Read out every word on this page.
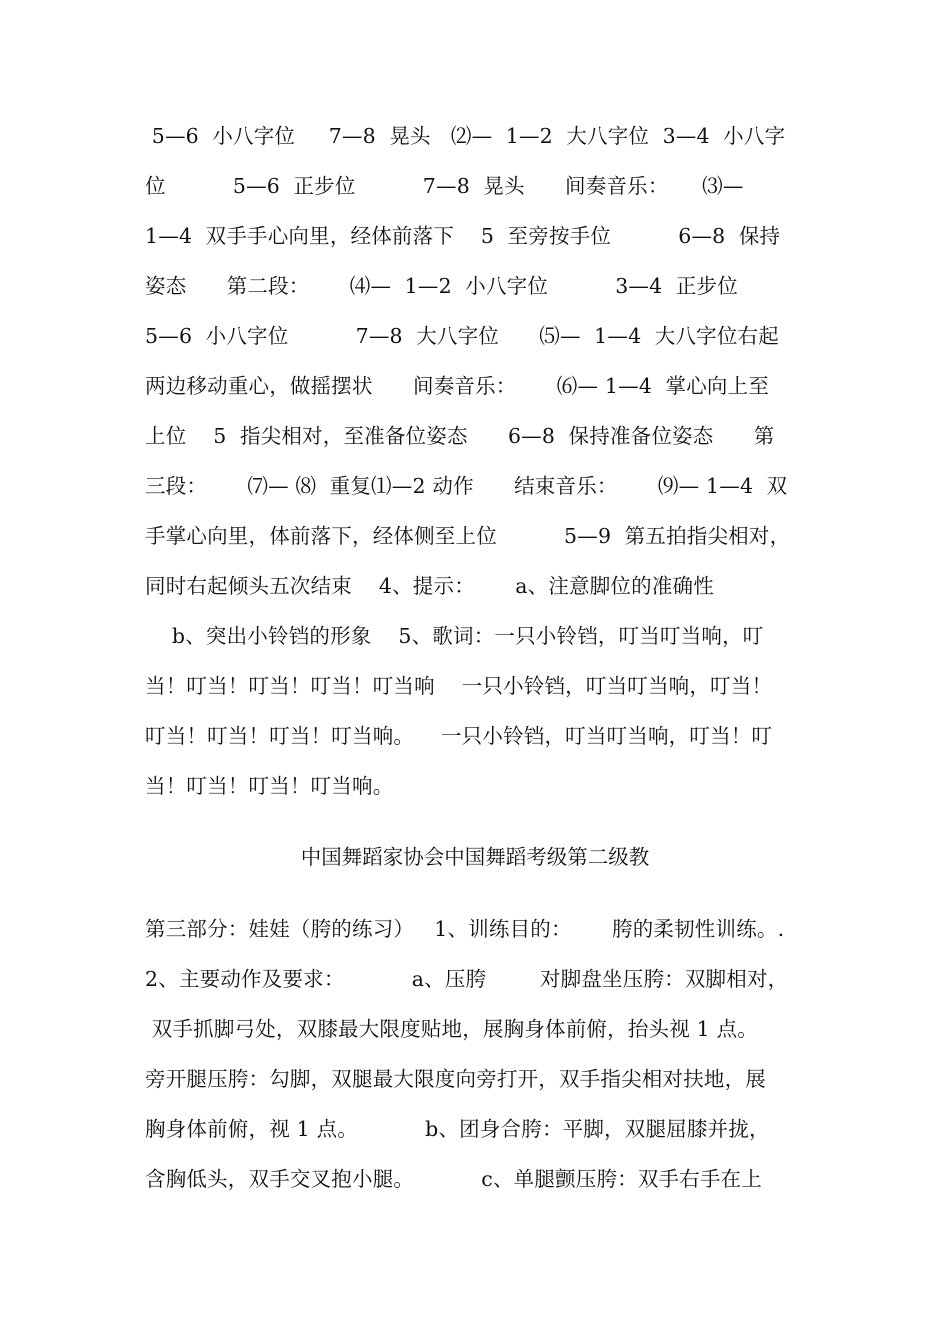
5—6  小八字位     7—8  晃头   ⑵—  1—2  大八字位  3—4  小八字
位          5—6  正步位          7—8  晃头      间奏音乐：     ⑶—
1—4  双手手心向里，经体前落下    5  至旁按手位          6—8  保持
姿态      第二段：      ⑷—  1—2  小八字位          3—4  正步位
5—6  小八字位          7—8  大八字位      ⑸—  1—4  大八字位右起
两边移动重心，做摇摆状      间奏音乐：      ⑹— 1—4  掌心向上至
上位    5  指尖相对，至准备位姿态      6—8  保持准备位姿态      第
三段：      ⑺— ⑻  重复⑴—2 动作      结束音乐：      ⑼— 1—4  双
手掌心向里，体前落下，经体侧至上位          5—9  第五拍指尖相对，
同时右起倾头五次结束    4、提示：      a、注意脚位的准确性
b、突出小铃铛的形象    5、歌词：一只小铃铛，叮当叮当响，叮
当！叮当！叮当！叮当！叮当响    一只小铃铛，叮当叮当响，叮当！
叮当！叮当！叮当！叮当响。    一只小铃铛，叮当叮当响，叮当！叮
当！叮当！叮当！叮当响。
中国舞蹈家协会中国舞蹈考级第二级教
第三部分：娃娃（胯的练习）   1、训练目的：      胯的柔韧性训练。.
2、主要动作及要求：          a、压胯        对脚盘坐压胯：双脚相对，
双手抓脚弓处，双膝最大限度贴地，展胸身体前俯，抬头视 1 点。
旁开腿压胯：勾脚，双腿最大限度向旁打开，双手指尖相对扶地，展
胸身体前俯，视 1 点。          b、团身合胯：平脚，双腿屈膝并拢，
含胸低头，双手交叉抱小腿。          c、单腿颤压胯：双手右手在上
